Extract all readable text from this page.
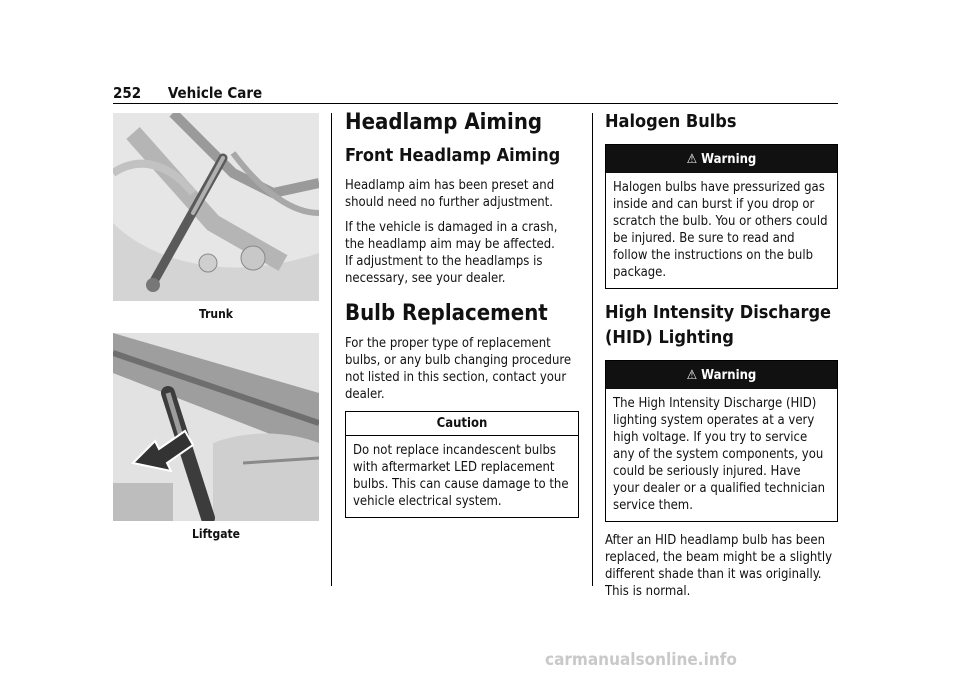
252 Vehicle Care
Trunk
Liftgate
Headlamp Aiming
Front Headlamp Aiming

Headlamp aim has been preset and should need no further adjustment.

If the vehicle is damaged in a crash, the headlamp aim may be affected.

If adjustment to the headlamps is necessary, see your dealer.

Bulb Replacement

For the proper type of replacement bulbs, or any bulb changing procedure not listed in this section, contact your dealer.

Caution
Do not replace incandescent bulbs with aftermarket LED replacement bulbs. This can cause damage to the vehicle electrical system.
Halogen Bulbs
⚠ Warning
Halogen bulbs have pressurized gas inside and can burst if you drop or scratch the bulb. You or others could be injured. Be sure to read and follow the instructions on the bulb package.
High Intensity Discharge (HID) Lighting
⚠ Warning
The High Intensity Discharge (HID) lighting system operates at a very high voltage. If you try to service any of the system components, you could be seriously injured. Have your dealer or a qualified technician service them.

After an HID headlamp bulb has been replaced, the beam might be a slightly different shade than it was originally. This is normal.

carmanualsonline.info
